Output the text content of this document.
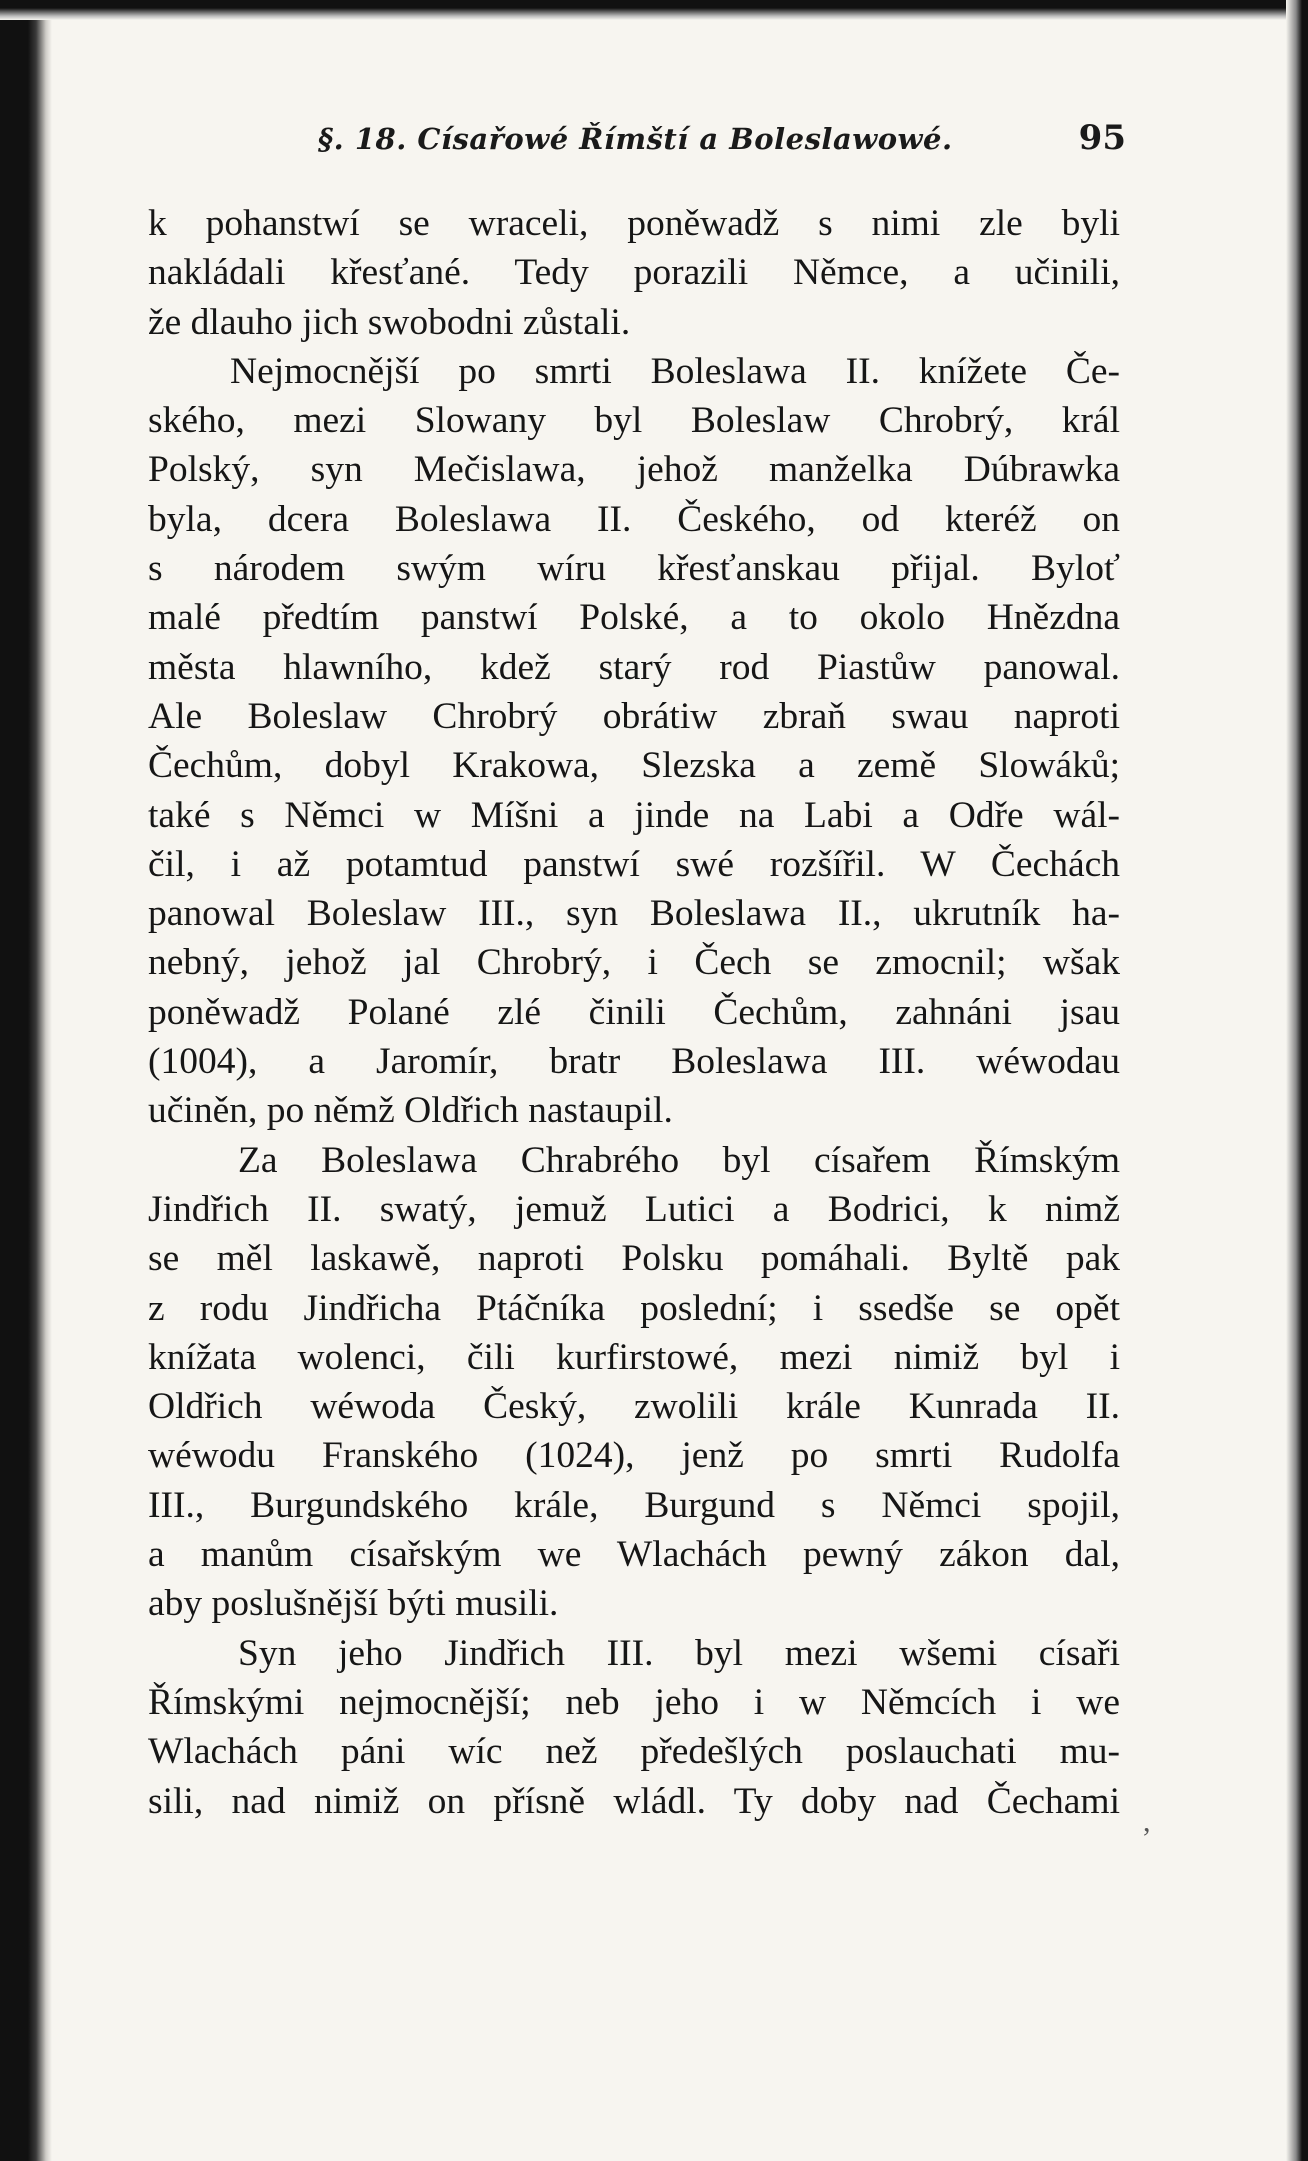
§. 18. Císařowé Římští a Boleslawowé.	95
k pohanstwí se wraceli, poněwadž s nimi zle byli
nakládali křesťané. Tedy porazili Němce, a učinili,
že dlauho jich swobodni zůstali.
Nejmocnější po smrti Boleslawa II. knížete Če-
ského, mezi Slowany byl Boleslaw Chrobrý, král
Polský, syn Mečislawa, jehož manželka Dúbrawka
byla, dcera Boleslawa II. Českého, od kteréž on
s národem swým wíru křesťanskau přijal. Byloť
malé předtím panstwí Polské, a to okolo Hnězdna
města hlawního, kdež starý rod Piastůw panowal.
Ale Boleslaw Chrobrý obrátiw zbraň swau naproti
Čechům, dobyl Krakowa, Slezska a země Slowáků;
také s Němci w Míšni a jinde na Labi a Odře wál-
čil, i až potamtud panstwí swé rozšířil. W Čechách
panowal Boleslaw III., syn Boleslawa II., ukrutník ha-
nebný, jehož jal Chrobrý, i Čech se zmocnil; wšak
poněwadž Polané zlé činili Čechům, zahnáni jsau
(1004), a Jaromír, bratr Boleslawa III. wéwodau
učiněn, po němž Oldřich nastaupil.
Za Boleslawa Chrabrého byl císařem Římským
Jindřich II. swatý, jemuž Lutici a Bodrici, k nimž
se měl laskawě, naproti Polsku pomáhali. Byltě pak
z rodu Jindřicha Ptáčníka poslední; i ssedše se opět
knížata wolenci, čili kurfirstowé, mezi nimiž byl i
Oldřich wéwoda Český, zwolili krále Kunrada II.
wéwodu Franského (1024), jenž po smrti Rudolfa
III., Burgundského krále, Burgund s Němci spojil,
a manům císařským we Wlachách pewný zákon dal,
aby poslušnější býti musili.
Syn jeho Jindřich III. byl mezi wšemi císaři
Římskými nejmocnější; neb jeho i w Němcích i we
Wlachách páni wíc než předešlých poslauchati mu-
sili, nad nimiž on přísně wládl. Ty doby nad Čechami ,
